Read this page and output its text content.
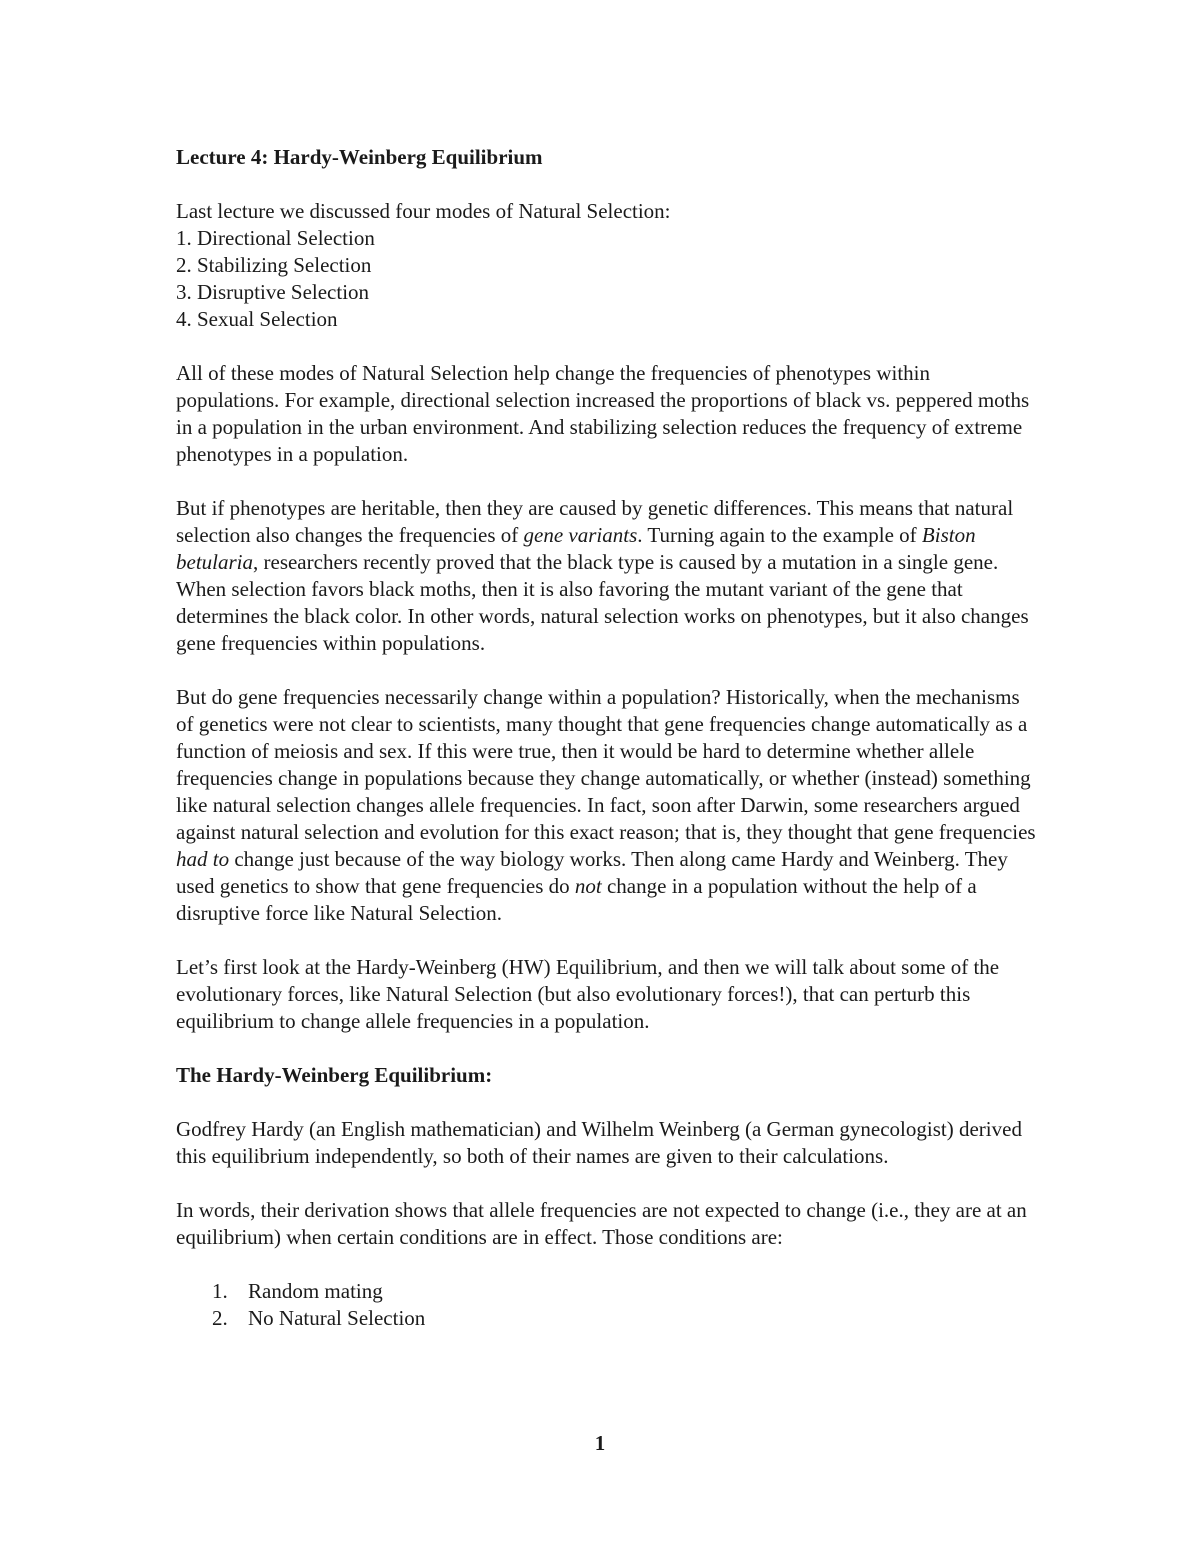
Lecture 4: Hardy-Weinberg Equilibrium

Last lecture we discussed four modes of Natural Selection:

1. Directional Selection
2. Stabilizing Selection
3. Disruptive Selection
4. Sexual Selection

All of these modes of Natural Selection help change the frequencies of phenotypes within populations. For example, directional selection increased the proportions of black vs. peppered moths in a population in the urban environment. And stabilizing selection reduces the frequency of extreme phenotypes in a population.

But if phenotypes are heritable, then they are caused by genetic differences. This means that natural selection also changes the frequencies of gene variants. Turning again to the example of Biston betularia, researchers recently proved that the black type is caused by a mutation in a single gene. When selection favors black moths, then it is also favoring the mutant variant of the gene that determines the black color. In other words, natural selection works on phenotypes, but it also changes gene frequencies within populations.

But do gene frequencies necessarily change within a population? Historically, when the mechanisms of genetics were not clear to scientists, many thought that gene frequencies change automatically as a function of meiosis and sex. If this were true, then it would be hard to determine whether allele frequencies change in populations because they change automatically, or whether (instead) something like natural selection changes allele frequencies. In fact, soon after Darwin, some researchers argued against natural selection and evolution for this exact reason; that is, they thought that gene frequencies had to change just because of the way biology works. Then along came Hardy and Weinberg. They used genetics to show that gene frequencies do not change in a population without the help of a disruptive force like Natural Selection.

Let’s first look at the Hardy-Weinberg (HW) Equilibrium, and then we will talk about some of the evolutionary forces, like Natural Selection (but also evolutionary forces!), that can perturb this equilibrium to change allele frequencies in a population.

The Hardy-Weinberg Equilibrium:

Godfrey Hardy (an English mathematician) and Wilhelm Weinberg (a German gynecologist) derived this equilibrium independently, so both of their names are given to their calculations.

In words, their derivation shows that allele frequencies are not expected to change (i.e., they are at an equilibrium) when certain conditions are in effect. Those conditions are:

1. Random mating
2. No Natural Selection
1
